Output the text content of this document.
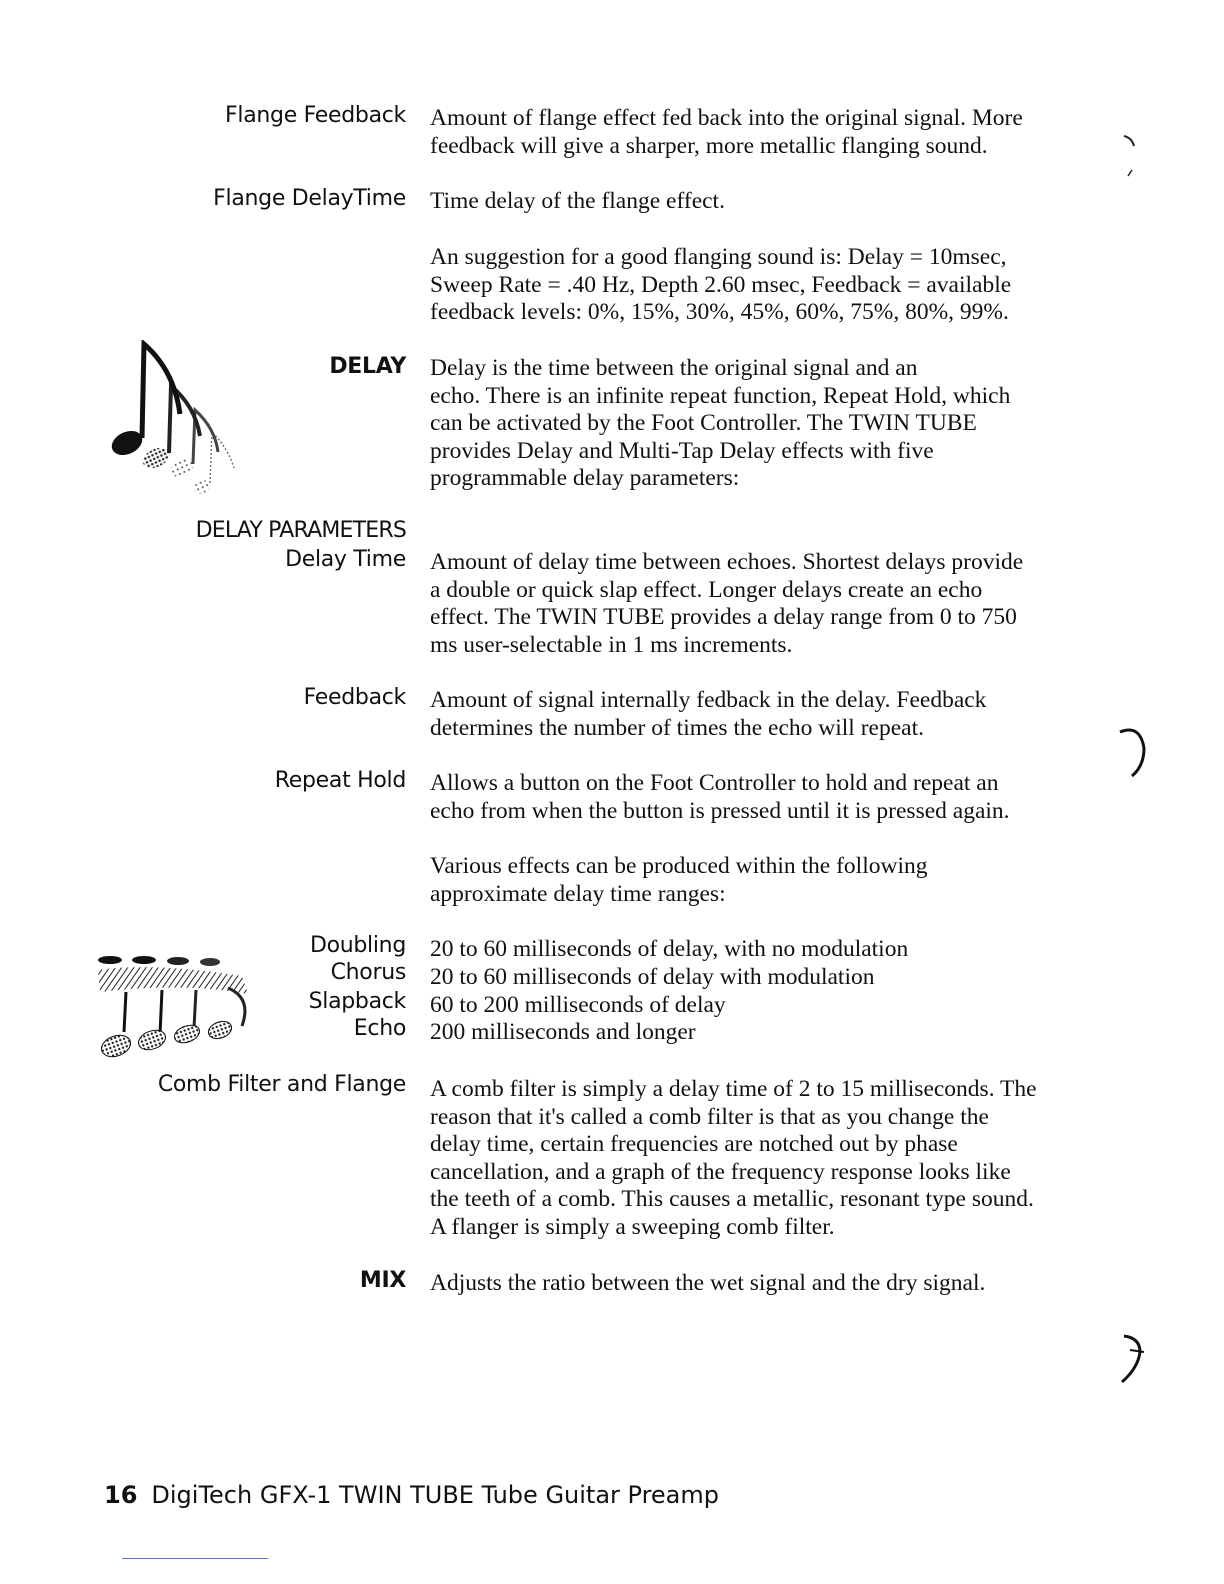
Flange Feedback Amount of flange effect fed back into the original signal. More
feedback will give a sharper, more metallic flanging sound.
Flange DelayTime Time delay of the flange effect.
An suggestion for a good flanging sound is: Delay = 10msec,
Sweep Rate = .40 Hz, Depth 2.60 msec, Feedback = available
feedback levels: 0%, 15%, 30%, 45%, 60%, 75%, 80%, 99%.
DELAY Delay is the time between the original signal and an
echo. There is an infinite repeat function, Repeat Hold, which
can be activated by the Foot Controller. The TWIN TUBE
provides Delay and Multi-Tap Delay effects with five
programmable delay parameters:
DELAY PARAMETERS
Delay Time Amount of delay time between echoes. Shortest delays provide
a double or quick slap effect. Longer delays create an echo
effect. The TWIN TUBE provides a delay range from 0 to 750
ms user-selectable in 1 ms increments.
Feedback Amount of signal internally fedback in the delay. Feedback
determines the number of times the echo will repeat.
Repeat Hold Allows a button on the Foot Controller to hold and repeat an
echo from when the button is pressed until it is pressed again.
Various effects can be produced within the following
approximate delay time ranges:
Doubling 20 to 60 milliseconds of delay, with no modulation
Chorus 20 to 60 milliseconds of delay with modulation
Slapback 60 to 200 milliseconds of delay
Echo 200 milliseconds and longer
Comb Filter and Flange A comb filter is simply a delay time of 2 to 15 milliseconds. The
reason that it's called a comb filter is that as you change the
delay time, certain frequencies are notched out by phase
cancellation, and a graph of the frequency response looks like
the teeth of a comb. This causes a metallic, resonant type sound.
A flanger is simply a sweeping comb filter.
MIX Adjusts the ratio between the wet signal and the dry signal.
16 DigiTech GFX-1 TWIN TUBE Tube Guitar Preamp
